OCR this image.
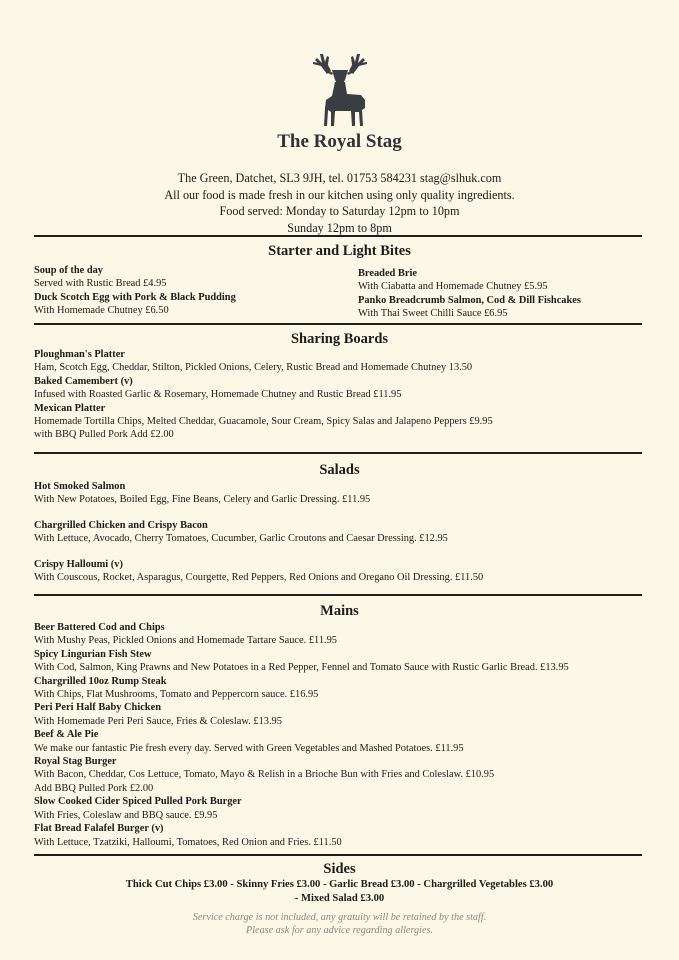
The Royal Stag
The Green, Datchet, SL3 9JH, tel. 01753 584231 stag@slhuk.com
All our food is made fresh in our kitchen using only quality ingredients.
Food served: Monday to Saturday 12pm to 10pm
Sunday 12pm to 8pm
Starter and Light Bites
Soup of the day
Served with Rustic Bread £4.95
Duck Scotch Egg with Pork & Black Pudding
With Homemade Chutney £6.50
Breaded Brie
With Ciabatta and Homemade Chutney £5.95
Panko Breadcrumb Salmon, Cod & Dill Fishcakes
With Thai Sweet Chilli Sauce £6.95
Sharing Boards
Ploughman's Platter
Ham, Scotch Egg, Cheddar, Stilton, Pickled Onions, Celery, Rustic Bread and Homemade Chutney 13.50
Baked Camembert (v)
Infused with Roasted Garlic & Rosemary, Homemade Chutney and Rustic Bread £11.95
Mexican Platter
Homemade Tortilla Chips, Melted Cheddar, Guacamole, Sour Cream, Spicy Salas and Jalapeno Peppers £9.95
with BBQ Pulled Pork Add £2.00
Salads
Hot Smoked Salmon
With New Potatoes, Boiled Egg, Fine Beans, Celery and Garlic Dressing. £11.95
Chargrilled Chicken and Crispy Bacon
With Lettuce, Avocado, Cherry Tomatoes, Cucumber, Garlic Croutons and Caesar Dressing. £12.95
Crispy Halloumi (v)
With Couscous, Rocket, Asparagus, Courgette, Red Peppers, Red Onions and Oregano Oil Dressing. £11.50
Mains
Beer Battered Cod and Chips
With Mushy Peas, Pickled Onions and Homemade Tartare Sauce. £11.95
Spicy Lingurian Fish Stew
With Cod, Salmon, King Prawns and New Potatoes in a Red Pepper, Fennel and Tomato Sauce with Rustic Garlic Bread. £13.95
Chargrilled 10oz Rump Steak
With Chips, Flat Mushrooms, Tomato and Peppercorn sauce. £16.95
Peri Peri Half Baby Chicken
With Homemade Peri Peri Sauce, Fries & Coleslaw. £13.95
Beef & Ale Pie
We make our fantastic Pie fresh every day. Served with Green Vegetables and Mashed Potatoes. £11.95
Royal Stag Burger
With Bacon, Cheddar, Cos Lettuce, Tomato, Mayo & Relish in a Brioche Bun with Fries and Coleslaw. £10.95
Add BBQ Pulled Pork £2.00
Slow Cooked Cider Spiced Pulled Pork Burger
With Fries, Coleslaw and BBQ sauce. £9.95
Flat Bread Falafel Burger (v)
With Lettuce, Tzatziki, Halloumi, Tomatoes, Red Onion and Fries. £11.50
Sides
Thick Cut Chips £3.00 - Skinny Fries £3.00 - Garlic Bread £3.00 - Chargrilled Vegetables £3.00
- Mixed Salad £3.00
Service charge is not included, any gratuity will be retained by the staff.
Please ask for any advice regarding allergies.
